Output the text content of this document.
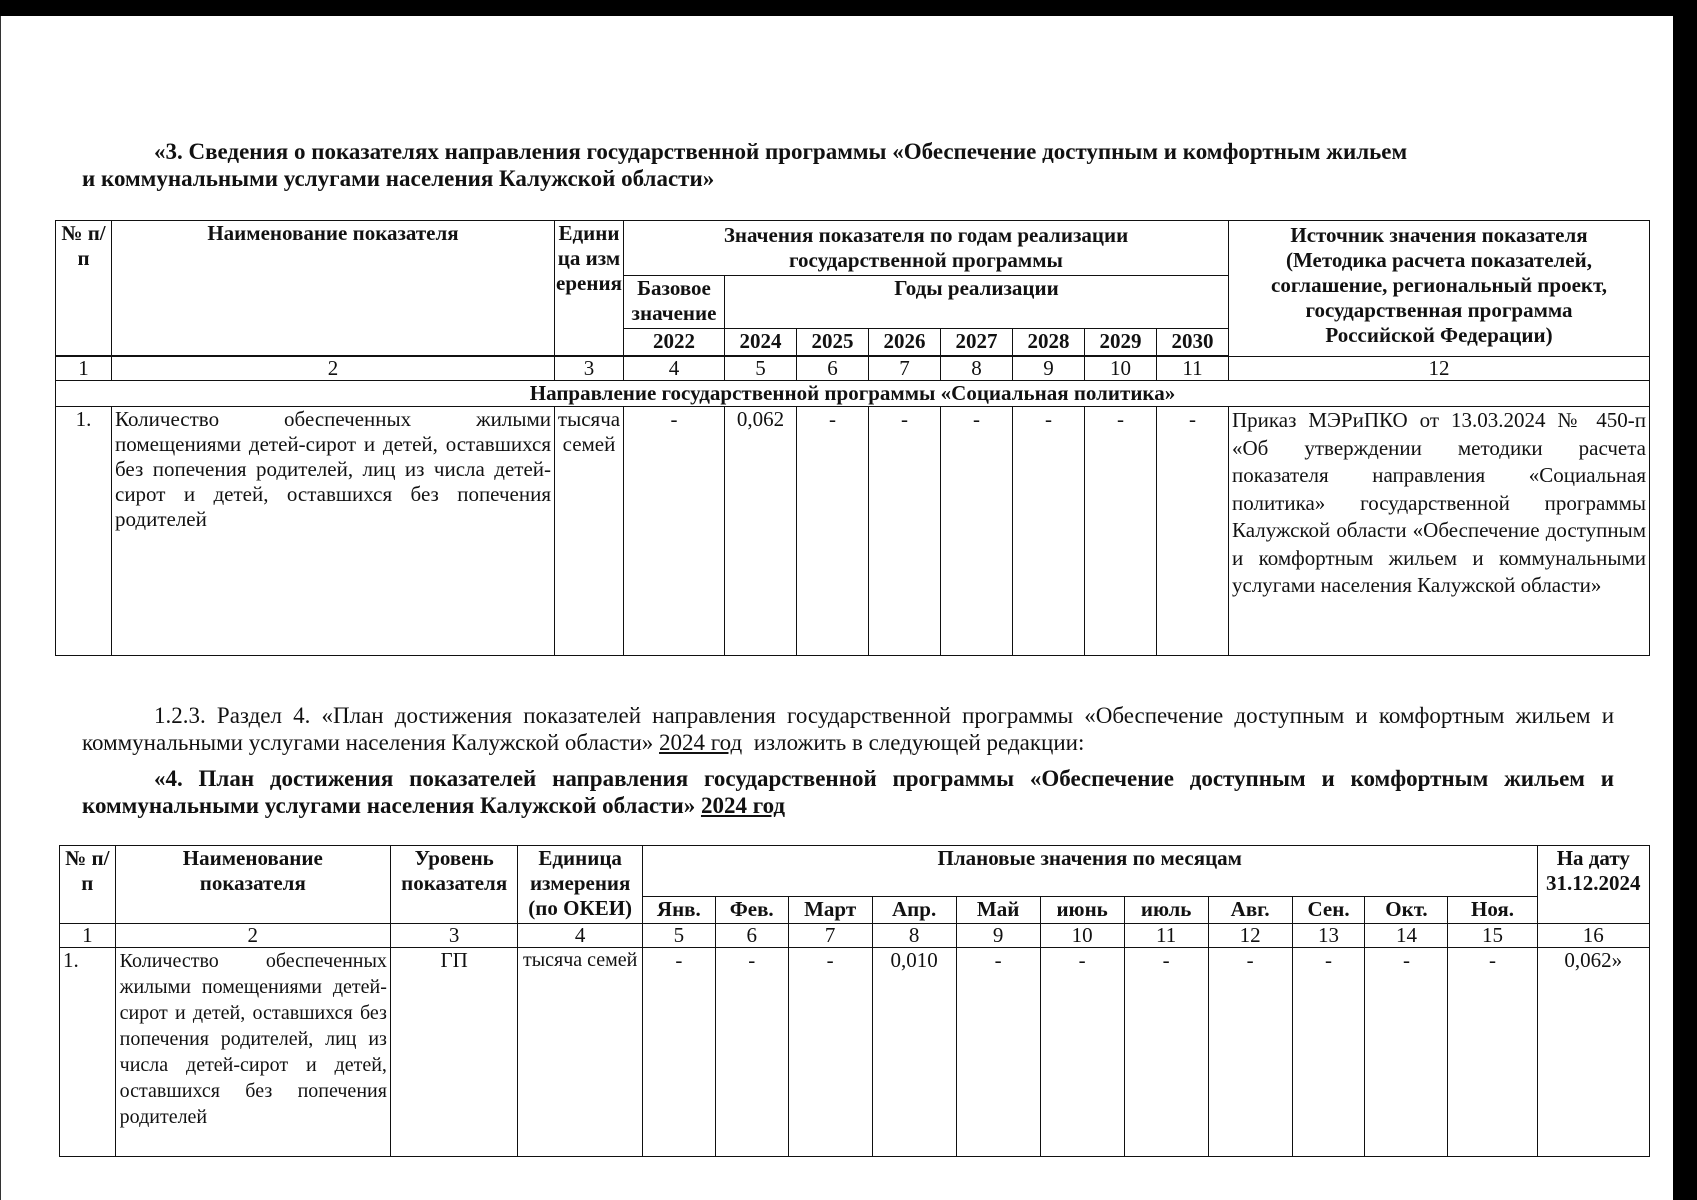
«3. Сведения о показателях направления государственной программы «Обеспечение доступным и комфортным жильем
и коммунальными услугами населения Калужской области»
№ п/п	Наименование показателя	Единица измерения	Значения показателя по годам реализации государственной программы								Источник значения показателя (Методика расчета показателей, соглашение, региональный проект, государственная программа Российской Федерации)
			Базовое значение	Годы реализации							
			2022	2024	2025	2026	2027	2028	2029	2030	

1	2	3	4	5	6	7	8	9	10	11	12
Направление государственной программы «Социальная политика»											
1.	Количество обеспеченных жилыми помещениями детей-сирот и детей, оставшихся без попечения родителей, лиц из числа детей-сирот и детей, оставшихся без попечения родителей	тысяча семей	-	0,062	-	-	-	-	-	-	Приказ МЭРиПКО от 13.03.2024 № 450-п «Об утверждении методики расчета показателя направления «Социальная политика» государственной программы Калужской области «Обеспечение доступным и комфортным жильем и коммунальными услугами населения Калужской области»
1.2.3. Раздел 4. «План достижения показателей направления государственной программы «Обеспечение доступным и комфортным жильем и коммунальными услугами населения Калужской области» 2024 год  изложить в следующей редакции:
«4. План достижения показателей направления государственной программы «Обеспечение доступным и комфортным жильем и коммунальными услугами населения Калужской области» 2024 год
№ п/п	Наименование показателя	Уровень показателя	Единица измерения (по ОКЕИ)	Плановые значения по месяцам											На дату 31.12.2024
				Янв.	Фев.	Март	Апр.	Май	июнь	июль	Авг.	Сен.	Окт.	Ноя.	
1	2	3	4	5	6	7	8	9	10	11	12	13	14	15	16
1.	Количество обеспеченных жилыми помещениями детей-сирот и детей, оставшихся без попечения родителей, лиц из числа детей-сирот и детей, оставшихся без попечения родителей	ГП	тысяча семей	-	-	-	0,010	-	-	-	-	-	-	-	0,062»
